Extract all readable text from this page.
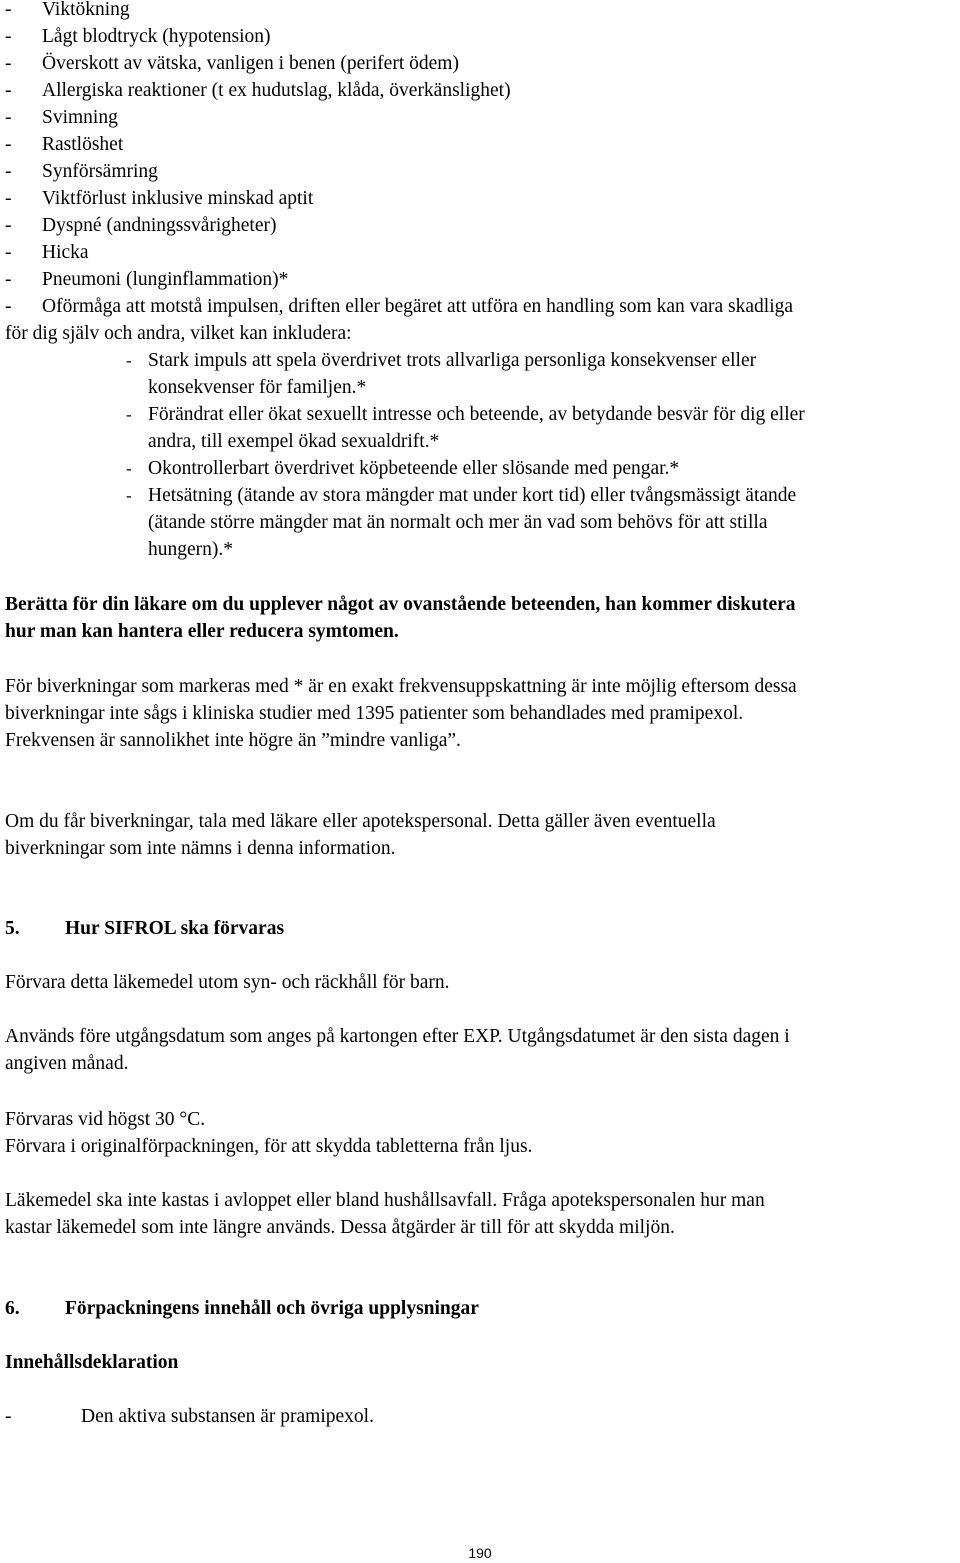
- Viktökning
- Lågt blodtryck (hypotension)
- Överskott av vätska, vanligen i benen (perifert ödem)
- Allergiska reaktioner (t ex hudutslag, klåda, överkänslighet)
- Svimning
- Rastlöshet
- Synförsämring
- Viktförlust inklusive minskad aptit
- Dyspné (andningssvårigheter)
- Hicka
- Pneumoni (lunginflammation)*
- Oförmåga att motstå impulsen, driften eller begäret att utföra en handling som kan vara skadliga
för dig själv och andra, vilket kan inkludera:
- Stark impuls att spela överdrivet trots allvarliga personliga konsekvenser eller
konsekvenser för familjen.*
- Förändrat eller ökat sexuellt intresse och beteende, av betydande besvär för dig eller
andra, till exempel ökad sexualdrift.*
- Okontrollerbart överdrivet köpbeteende eller slösande med pengar.*
- Hetsätning (ätande av stora mängder mat under kort tid) eller tvångsmässigt ätande
(ätande större mängder mat än normalt och mer än vad som behövs för att stilla
hungern).*
Berätta för din läkare om du upplever något av ovanstående beteenden, han kommer diskutera
hur man kan hantera eller reducera symtomen.
För biverkningar som markeras med * är en exakt frekvensuppskattning är inte möjlig eftersom dessa
biverkningar inte sågs i kliniska studier med 1395 patienter som behandlades med pramipexol.
Frekvensen är sannolikhet inte högre än ”mindre vanliga”.
Om du får biverkningar, tala med läkare eller apotekspersonal. Detta gäller även eventuella
biverkningar som inte nämns i denna information.
5. Hur SIFROL ska förvaras
Förvara detta läkemedel utom syn- och räckhåll för barn.
Används före utgångsdatum som anges på kartongen efter EXP. Utgångsdatumet är den sista dagen i
angiven månad.
Förvaras vid högst 30 °C.
Förvara i originalförpackningen, för att skydda tabletterna från ljus.
Läkemedel ska inte kastas i avloppet eller bland hushållsavfall. Fråga apotekspersonalen hur man
kastar läkemedel som inte längre används. Dessa åtgärder är till för att skydda miljön.
6. Förpackningens innehåll och övriga upplysningar
Innehållsdeklaration
-	Den aktiva substansen är pramipexol.
190
